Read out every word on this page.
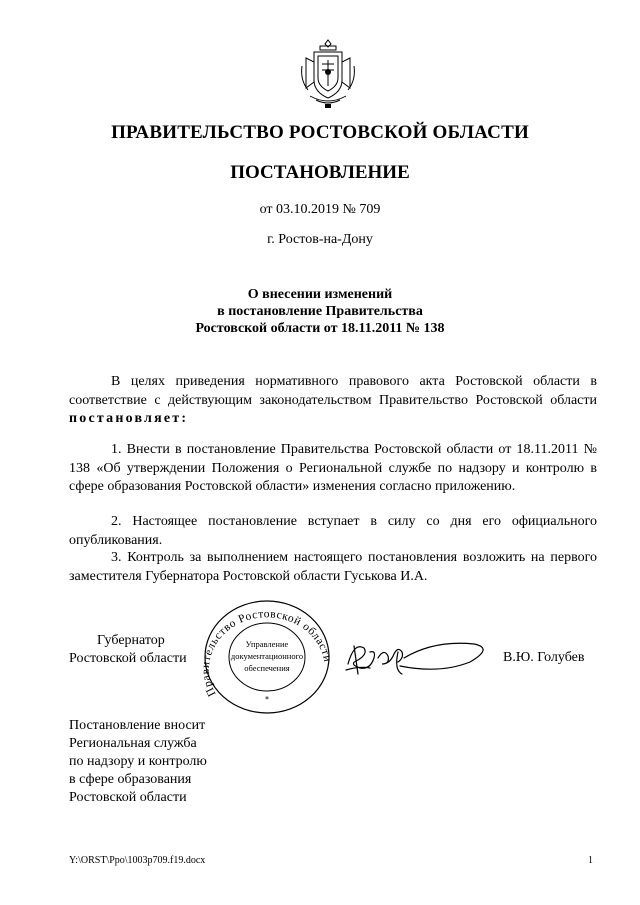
ПРАВИТЕЛЬСТВО РОСТОВСКОЙ ОБЛАСТИ
ПОСТАНОВЛЕНИЕ
от 03.10.2019 № 709
г. Ростов-на-Дону
О внесении изменений
в постановление Правительства
Ростовской области от 18.11.2011 № 138
В целях приведения нормативного правового акта Ростовской области в соответствие с действующим законодательством Правительство Ростовской области постановляет:
1. Внести в постановление Правительства Ростовской области от 18.11.2011 № 138 «Об утверждении Положения о Региональной службе по надзору и контролю в сфере образования Ростовской области» изменения согласно приложению.
2. Настоящее постановление вступает в силу со дня его официального опубликования.
3. Контроль за выполнением настоящего постановления возложить на первого заместителя Губернатора Ростовской области Гуськова И.А.
Губернатор
Ростовской области
Правительство Ростовской области
Управление
документационного
обеспечения
*
В.Ю. Голубев
Постановление вносит
Региональная служба
по надзору и контролю
в сфере образования
Ростовской области
Y:\ORST\Ppo\1003p709.f19.docx	1
